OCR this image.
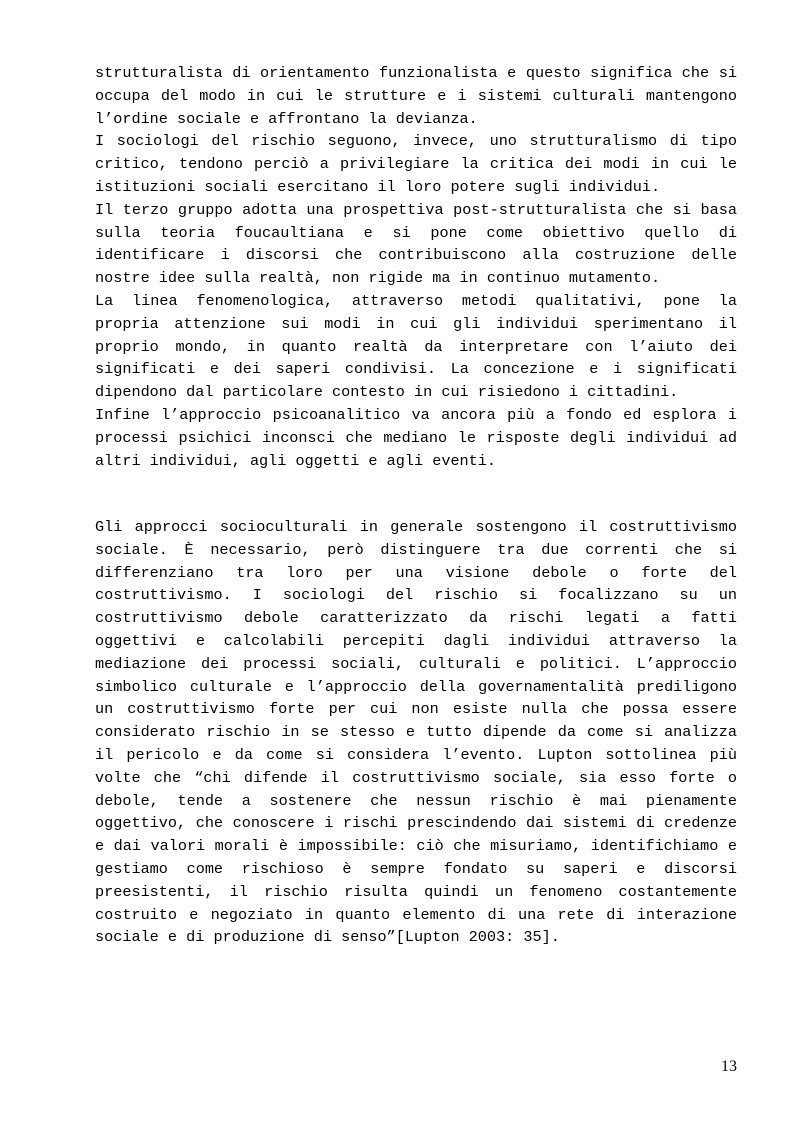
strutturalista di orientamento funzionalista e questo significa che si occupa del modo in cui le strutture e i sistemi culturali mantengono l’ordine sociale e affrontano la devianza.

I sociologi del rischio seguono, invece, uno strutturalismo di tipo critico, tendono perciò a privilegiare la critica dei modi in cui le istituzioni sociali esercitano il loro potere sugli individui.

Il terzo gruppo adotta una prospettiva post-strutturalista che si basa sulla teoria foucaultiana e si pone come obiettivo quello di identificare i discorsi che contribuiscono alla costruzione delle nostre idee sulla realtà, non rigide ma in continuo mutamento.

La linea fenomenologica, attraverso metodi qualitativi, pone la propria attenzione sui modi in cui gli individui sperimentano il proprio mondo, in quanto realtà da interpretare con l’aiuto dei significati e dei saperi condivisi. La concezione e i significati dipendono dal particolare contesto in cui risiedono i cittadini.

Infine l’approccio psicoanalitico va ancora più a fondo ed esplora i processi psichici inconsci che mediano le risposte degli individui ad altri individui, agli oggetti e agli eventi.

Gli approcci socioculturali in generale sostengono il costruttivismo sociale. È necessario, però distinguere tra due correnti che si differenziano tra loro per una visione debole o forte del costruttivismo. I sociologi del rischio si focalizzano su un costruttivismo debole caratterizzato da rischi legati a fatti oggettivi e calcolabili percepiti dagli individui attraverso la mediazione dei processi sociali, culturali e politici. L’approccio simbolico culturale e l’approccio della governamentalità prediligono un costruttivismo forte per cui non esiste nulla che possa essere considerato rischio in se stesso e tutto dipende da come si analizza il pericolo e da come si considera l’evento. Lupton sottolinea più volte che “chi difende il costruttivismo sociale, sia esso forte o debole, tende a sostenere che nessun rischio è mai pienamente oggettivo, che conoscere i rischi prescindendo dai sistemi di credenze e dai valori morali è impossibile: ciò che misuriamo, identifichiamo e gestiamo come rischioso è sempre fondato su saperi e discorsi preesistenti, il rischio risulta quindi un fenomeno costantemente costruito e negoziato in quanto elemento di una rete di interazione sociale e di produzione di senso”[Lupton 2003: 35].

13
